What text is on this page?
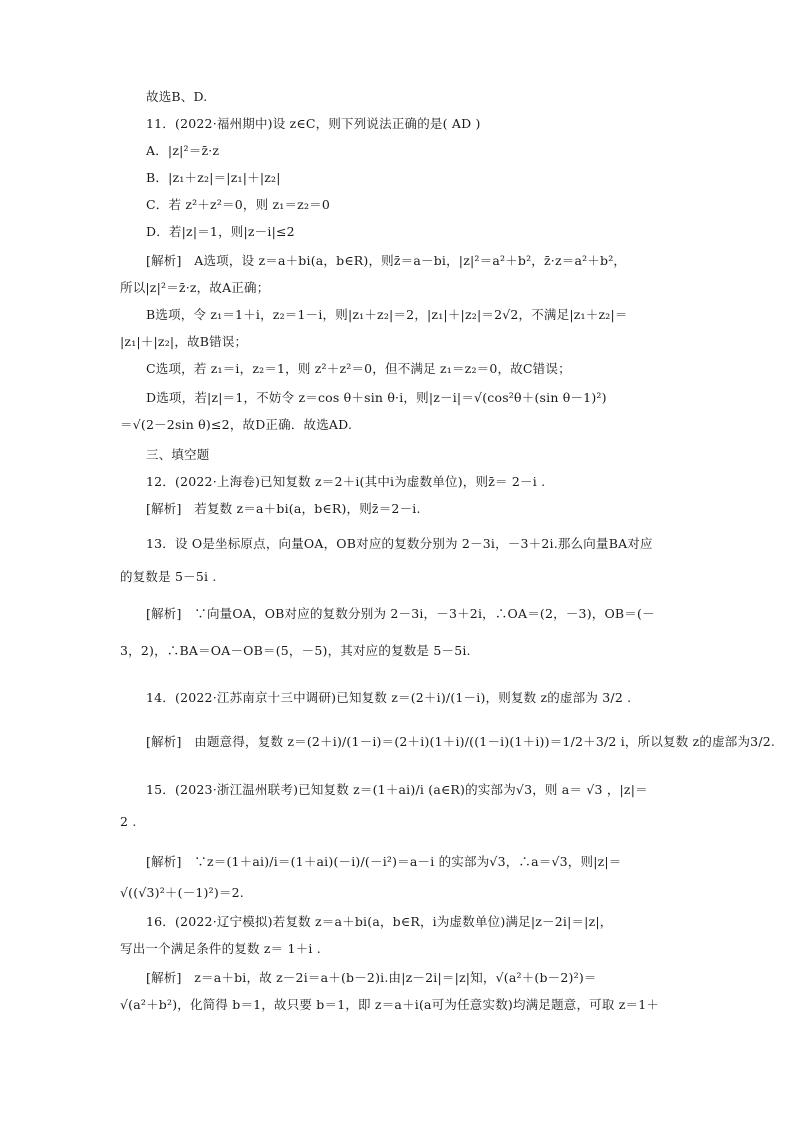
故选B、D.
11．(2022·福州期中)设 z∈C，则下列说法正确的是( AD )
A．|z|²＝z̄·z
B．|z₁＋z₂|＝|z₁|＋|z₂|
C．若 z²＋z²＝0，则 z₁＝z₂＝0
D．若|z|＝1，则|z－i|≤2
[解析]　A选项，设 z＝a＋bi(a，b∈R)，则z̄＝a－bi，|z|²＝a²＋b²，z̄·z＝a²＋b²，
所以|z|²＝z̄·z，故A正确；
B选项，令 z₁＝1＋i，z₂＝1－i，则|z₁＋z₂|＝2，|z₁|＋|z₂|＝2√2，不满足|z₁＋z₂|＝
|z₁|＋|z₂|，故B错误；
C选项，若 z₁＝i，z₂＝1，则 z²＋z²＝0，但不满足 z₁＝z₂＝0，故C错误；
D选项，若|z|＝1，不妨令 z＝cos θ＋sin θ·i，则|z－i|＝√(cos²θ＋(sin θ－1)²)
＝√(2－2sin θ)≤2，故D正确．故选AD.
三、填空题
12．(2022·上海卷)已知复数 z＝2＋i(其中i为虚数单位)，则z̄＝ 2－i .
[解析]　若复数 z＝a＋bi(a，b∈R)，则z̄＝2－i.
13．设 O是坐标原点，向量OA，OB对应的复数分别为 2－3i，－3＋2i.那么向量BA对应
的复数是 5－5i .
[解析]　∵向量OA，OB对应的复数分别为 2－3i，－3＋2i，∴OA＝(2，－3)，OB＝(－
3，2)，∴BA＝OA－OB＝(5，－5)，其对应的复数是 5－5i.
14．(2022·江苏南京十三中调研)已知复数 z＝(2＋i)/(1－i)，则复数 z的虚部为 3/2 .
[解析]　由题意得，复数 z＝(2＋i)/(1－i)＝(2＋i)(1＋i)/((1－i)(1＋i))＝1/2＋3/2 i，所以复数 z的虚部为3/2.
15．(2023·浙江温州联考)已知复数 z＝(1＋ai)/i (a∈R)的实部为√3，则 a＝ √3 ，|z|＝
2 .
[解析]　∵z＝(1＋ai)/i＝(1＋ai)(－i)/(－i²)＝a－i 的实部为√3，∴a＝√3，则|z|＝
√((√3)²＋(－1)²)＝2.
16．(2022·辽宁模拟)若复数 z＝a＋bi(a，b∈R，i为虚数单位)满足|z－2i|＝|z|，
写出一个满足条件的复数 z＝ 1＋i .
[解析]　z＝a＋bi，故 z－2i＝a＋(b－2)i.由|z－2i|＝|z|知，√(a²＋(b－2)²)＝
√(a²＋b²)，化简得 b＝1，故只要 b＝1，即 z＝a＋i(a可为任意实数)均满足题意，可取 z＝1＋
